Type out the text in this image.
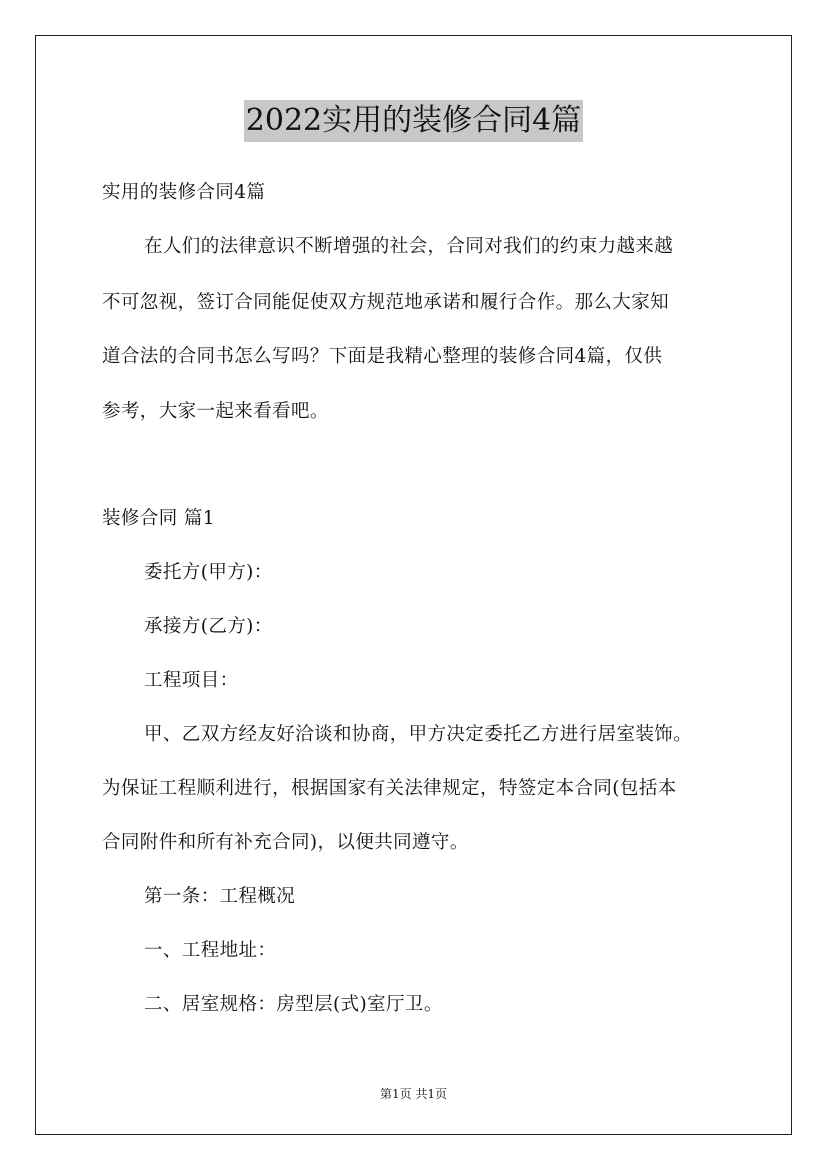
2022实用的装修合同4篇
实用的装修合同4篇
在人们的法律意识不断增强的社会，合同对我们的约束力越来越
不可忽视，签订合同能促使双方规范地承诺和履行合作。那么大家知
道合法的合同书怎么写吗？下面是我精心整理的装修合同4篇，仅供
参考，大家一起来看看吧。
装修合同 篇1
委托方(甲方)：
承接方(乙方)：
工程项目：
甲、乙双方经友好洽谈和协商，甲方决定委托乙方进行居室装饰。
为保证工程顺利进行，根据国家有关法律规定，特签定本合同(包括本
合同附件和所有补充合同)，以便共同遵守。
第一条：工程概况
一、工程地址：
二、居室规格：房型层(式)室厅卫。
第1页 共1页
